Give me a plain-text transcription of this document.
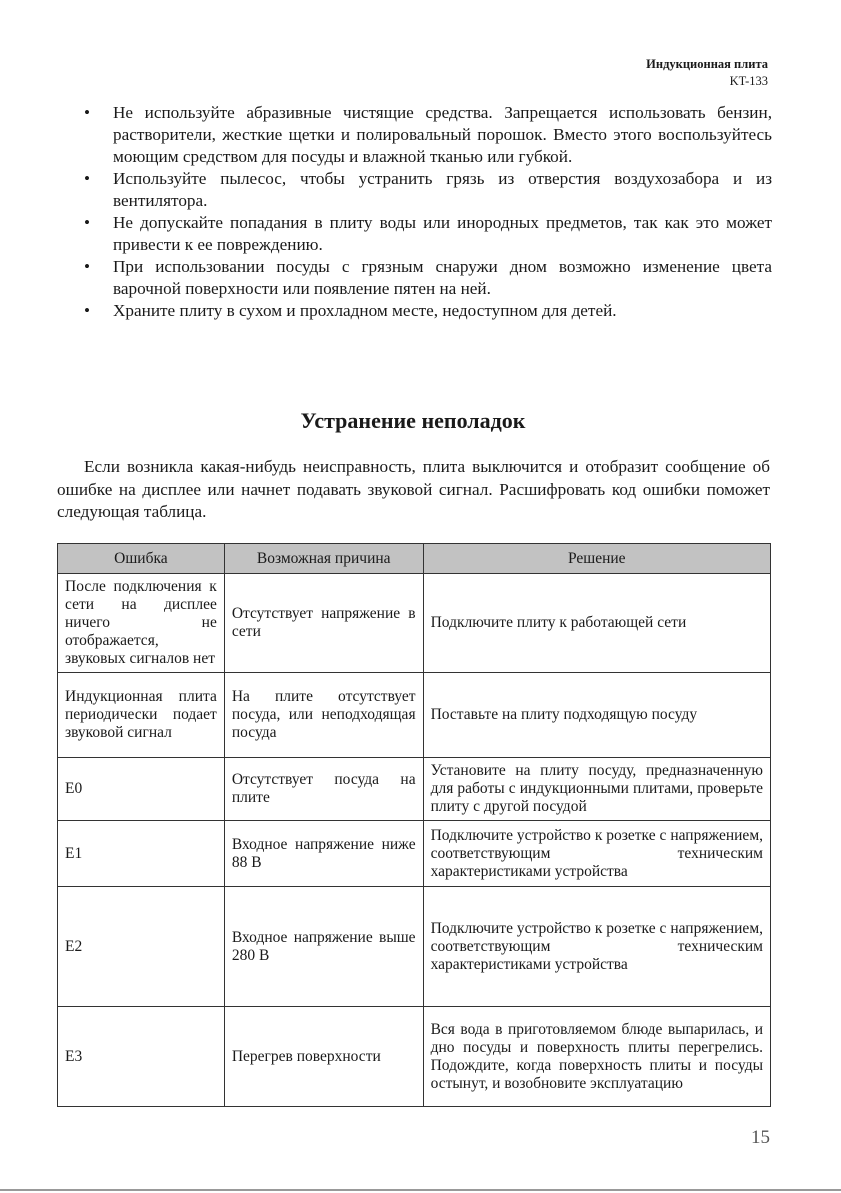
Индукционная плита
KT-133
• Не используйте абразивные чистящие средства. Запрещается использовать бензин, растворители, жесткие щетки и полировальный порошок. Вместо этого воспользуйтесь моющим средством для посуды и влажной тканью или губкой.
• Используйте пылесос, чтобы устранить грязь из отверстия воздухозабора и из вентилятора.
• Не допускайте попадания в плиту воды или инородных предметов, так как это может привести к ее повреждению.
• При использовании посуды с грязным снаружи дном возможно изменение цвета варочной поверхности или появление пятен на ней.
• Храните плиту в сухом и прохладном месте, недоступном для детей.
Устранение неполадок
Если возникла какая-нибудь неисправность, плита выключится и отобразит сообщение об ошибке на дисплее или начнет подавать звуковой сигнал. Расшифровать код ошибки поможет следующая таблица.
Ошибка	Возможная причина	Решение
После подключения к сети на дисплее ничего не отображается, звуковых сигналов нет	Отсутствует напряжение в сети	Подключите плиту к работающей сети
Индукционная плита периодически подает звуковой сигнал	На плите отсутствует посуда, или неподходящая посуда	Поставьте на плиту подходящую посуду
E0	Отсутствует посуда на плите	Установите на плиту посуду, предназначенную для работы с индукционными плитами, проверьте плиту с другой посудой
E1	Входное напряжение ниже 88 В	Подключите устройство к розетке с напряжением, соответствующим техническим характеристиками устройства
E2	Входное напряжение выше 280 В	Подключите устройство к розетке с напряжением, соответствующим техническим характеристиками устройства
E3	Перегрев поверхности	Вся вода в приготовляемом блюде выпарилась, и дно посуды и поверхность плиты перегрелись. Подождите, когда поверхность плиты и посуды остынут, и возобновите эксплуатацию
15
